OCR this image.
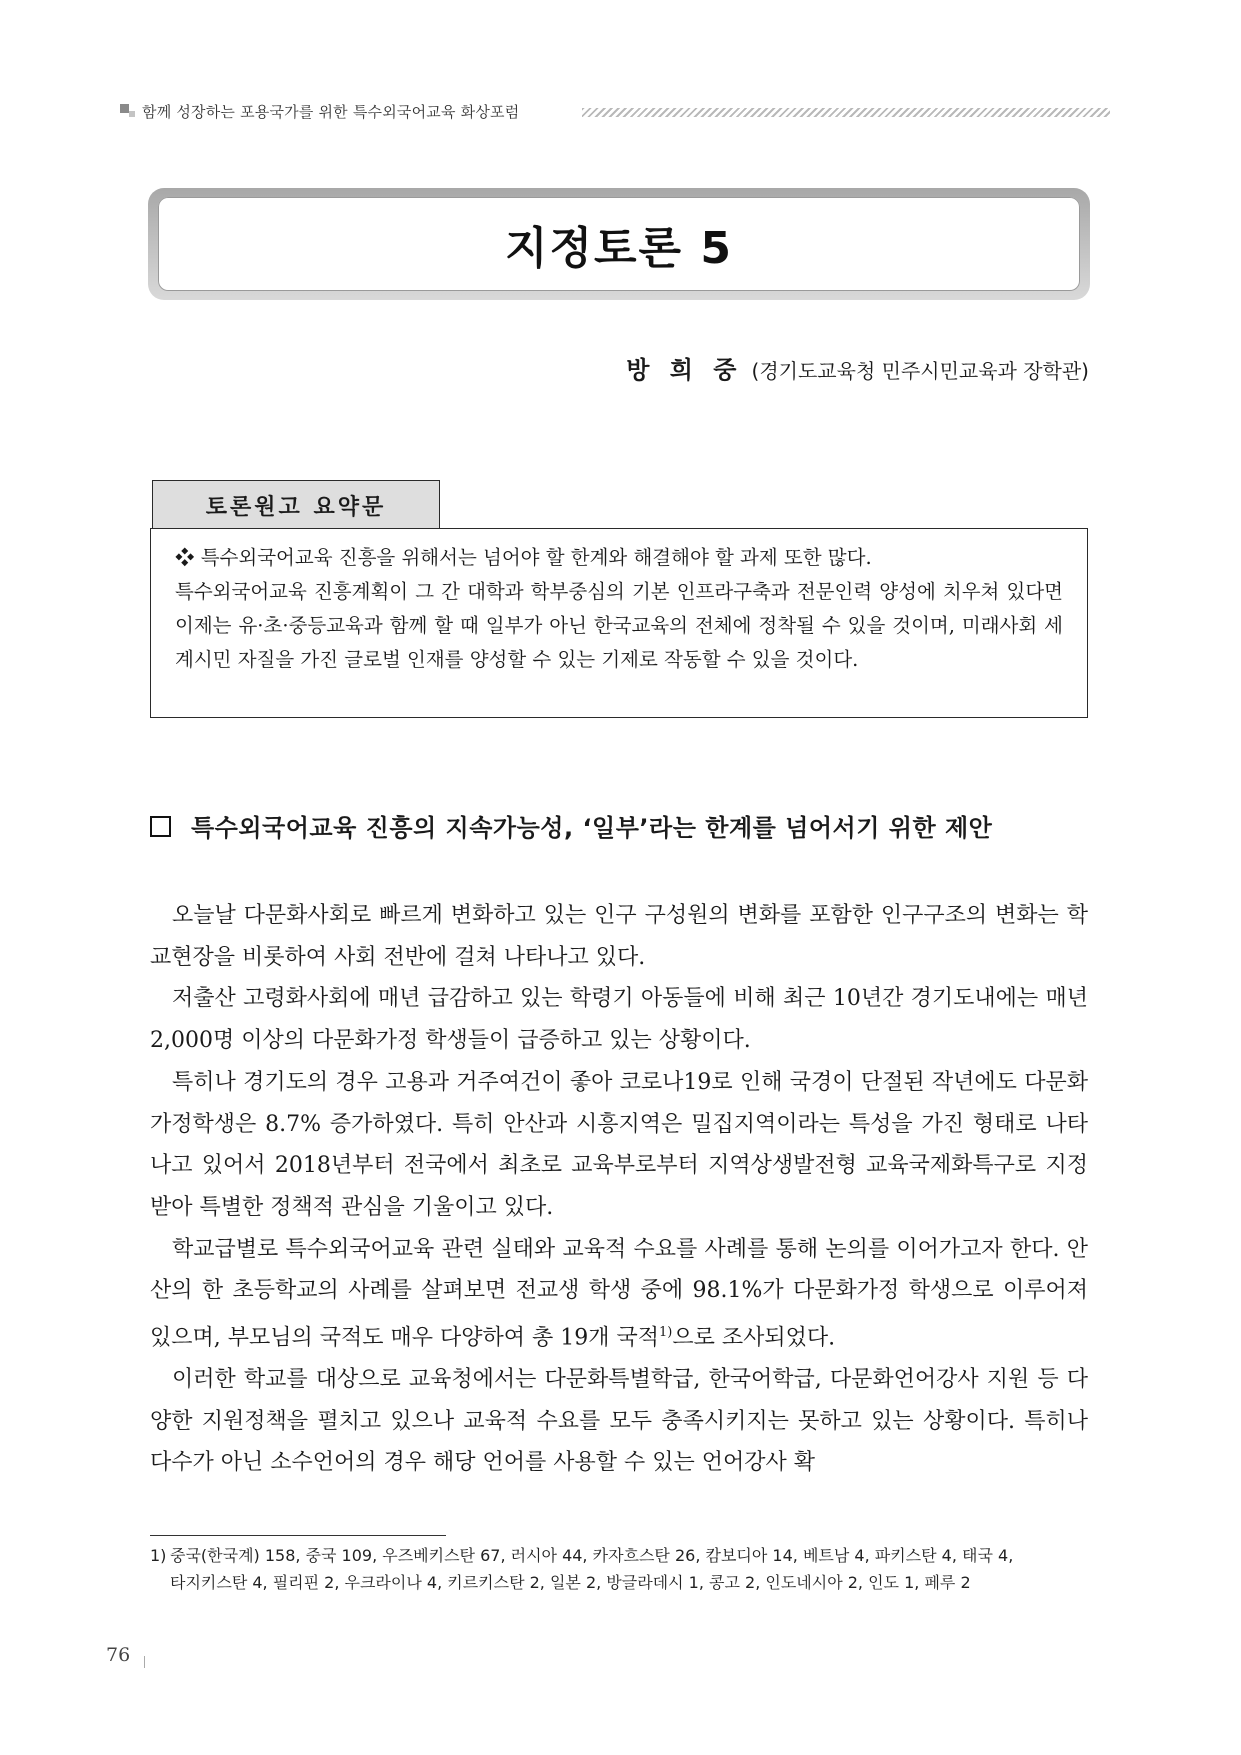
함께 성장하는 포용국가를 위한 특수외국어교육 화상포럼
지정토론 5
방 희 중 (경기도교육청 민주시민교육과 장학관)
토론원고 요약문

❖ 특수외국어교육 진흥을 위해서는 넘어야 할 한계와 해결해야 할 과제 또한 많다.

특수외국어교육 진흥계획이 그 간 대학과 학부중심의 기본 인프라구축과 전문인력 양성에 치우쳐 있다면 이제는 유·초·중등교육과 함께 할 때 일부가 아닌 한국교육의 전체에 정착될 수 있을 것이며, 미래사회 세계시민 자질을 가진 글로벌 인재를 양성할 수 있는 기제로 작동할 수 있을 것이다.

특수외국어교육 진흥의 지속가능성, ‘일부’라는 한계를 넘어서기 위한 제안

오늘날 다문화사회로 빠르게 변화하고 있는 인구 구성원의 변화를 포함한 인구구조의 변화는 학교현장을 비롯하여 사회 전반에 걸쳐 나타나고 있다.

저출산 고령화사회에 매년 급감하고 있는 학령기 아동들에 비해 최근 10년간 경기도내에는 매년 2,000명 이상의 다문화가정 학생들이 급증하고 있는 상황이다.

특히나 경기도의 경우 고용과 거주여건이 좋아 코로나19로 인해 국경이 단절된 작년에도 다문화가정학생은 8.7% 증가하였다. 특히 안산과 시흥지역은 밀집지역이라는 특성을 가진 형태로 나타나고 있어서 2018년부터 전국에서 최초로 교육부로부터 지역상생발전형 교육국제화특구로 지정받아 특별한 정책적 관심을 기울이고 있다.

학교급별로 특수외국어교육 관련 실태와 교육적 수요를 사례를 통해 논의를 이어가고자 한다. 안산의 한 초등학교의 사례를 살펴보면 전교생 학생 중에 98.1%가 다문화가정 학생으로 이루어져 있으며, 부모님의 국적도 매우 다양하여 총 19개 국적$^{1)}$으로 조사되었다.

이러한 학교를 대상으로 교육청에서는 다문화특별학급, 한국어학급, 다문화언어강사 지원 등 다양한 지원정책을 펼치고 있으나 교육적 수요를 모두 충족시키지는 못하고 있는 상황이다. 특히나 다수가 아닌 소수언어의 경우 해당 언어를 사용할 수 있는 언어강사 확

1) 중국(한국계) 158, 중국 109, 우즈베키스탄 67, 러시아 44, 카자흐스탄 26, 캄보디아 14, 베트남 4, 파키스탄 4, 태국 4,
타지키스탄 4, 필리핀 2, 우크라이나 4, 키르키스탄 2, 일본 2, 방글라데시 1, 콩고 2, 인도네시아 2, 인도 1, 페루 2
76
